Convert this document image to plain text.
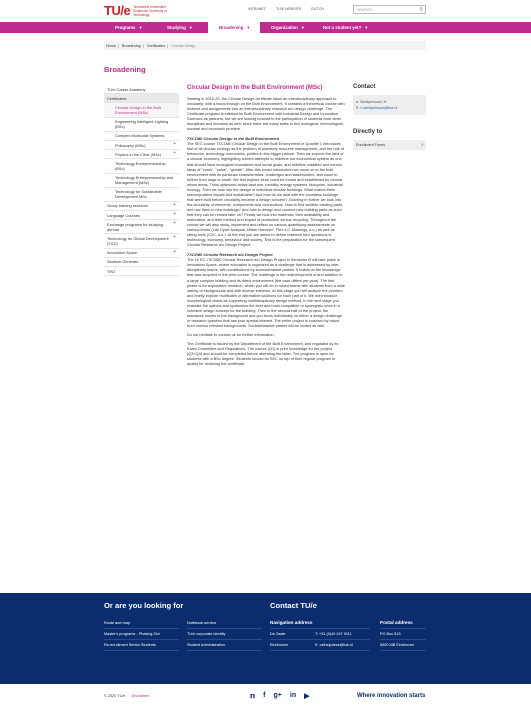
TU/e Technische Universiteit Eindhoven University of Technology
INTRANET	TU/E WEBSITE	DUTCH	SEARCH	⚲
Programs ▼	Studying ▼	Broadening ▼	Organization ▼	Not a student yet? ▼
Home | Broadening | Certificates | Circular Desig...
Broadening
TU/e Career Academy
Certificates
Circular Design in the Built Environment (MSc)
Engineering Intelligent Lighting (BSc)
Complex Molecular Systems
Philosophy (MSc)	+
Physics in the Clinic (MSc) +
Technology Entrepreneurship (BSc)
Technology Entrepreneurship and Management (MSc)
Technology for Sustainable Development MSc
Group training sessions	+
Language Courses	+
Exchange programs for studying abroad
+
Technology for Global Development (TGD)
+
Innovation Space	+
Studium Generale
TINT
Circular Design in the Built Environment (MSc)
Starting in 2015-20, the Circular Design certificate takes an interdisciplinary approach to circularity, with a focus through on the Built Environment. It contains a theoretical course with lectures and assignments and an interdisciplinary research a/o design challenge. The Certificate program is initiated by Built Environment with Industrial Design and Innovation Sciences as partners, but we are looking forward to the participation of students from other disciplines and domains as well, since there are many sides to this ecological, technological, societal and economic problem.
7XC1M0 Circular Design in the Built Environment
The SEC course 7XC1M0 Circular Design in the Built Environment in Quartile 1 introduces first of all circular ecology as the problem of planetary resource management, and the role of behaviour, technology, economics, politics in this bigger picture. Then we explore the idea of a circular economy, highlighting current attempts to redefine our economical system as one that should have ecological boundaries and social goals, and redefine outdated and narrow ideas of "costs", "value", "growth". After this broad introduction we move on to the built environment with its particular characteristics, challenges and stakeholders, and zoom in further from large to small. We first explore what could be meant and established by circular urban areas. Think optimized active land use, mobility, energy systems, biocycles, industrial ecology. Then we look into the design of individual circular buildings. What makes them low/no/positive impact and sustainable? And how do we deal with the countless buildings that were built before circularity became a design concern? Zooming in further we look into the circularity of elements, components and connections. How to find suitable existing parts and use them in new buildings? And how to design and connect new building parts as such that they can be reused later on? Finally we look into materials, their availability and restoration, and their method and impact of production versus recycling. Throughout the course we will also study, implement and reflect on various quantifying assessments on various levels (Life Cycle Analysis, Urban Harvest+, Flex 4.0, Massegy, a.o.) as well as rating tools (C2C, a.o.). At the end you are asked to define research four questions in technology, economy, behaviour and society. This is the preparation for the subsequent Circular Research a/o Design Project.
7XC2M0 Circular Research a/o Design Project
The 10 EC 7XC2M0 Circular Research a/o Design Project in Semester B will take place in Innovation Space, where education is organized as a challenge that is addressed by inter-disciplinary teams, with contributions by societal/market parties. It builds on the knowledge that was acquired in the prior course. The challenge is the redevelopment of and addition to a large complex building and its direct environment (the case differs per year). The first phase is for explorative research, which you will do in mixed teams with students from a wide variety of backgrounds and with diverse interests. At this stage you will analyze the problem and briefly explore multitudes of alternative solutions for each part of it. We will introduce morphological charts as supporting multidisciplinary design method. In the next stage you evaluate the options and synthesize the best and most compatible or synergistic ones in a cohesive design concept for the building. Then in the second half of the project, the teamwork moves to the background and you focus individually on either a design challenge or research question that has your special interest. The entire project is coached by tutors from various relevant backgrounds. Societal/market parties will be invited as well.
Do not hesitate to contact us for further information.
The Certificate is issued by the Department of the Built Environment, and regulated by its Exam Committee and Regulations. The course (Q1) is prior knowledge for the project (Q3+Q4) and should be completed before attending the latter. The program is open for students with a BSc degree. Students should do SEC on top of their regular program to qualify for receiving the certificate.
Contact
Ir. Schilpersoort, H.
E: h.schilpersoort@tue.nl
Directly to
Enrollment Forms	›
Or are you looking for
Route and map
Master's programs - Phasing Out
Re-enrollment Senior Students
Notebook service
TU/e corporate identity
Student Administration
Contact TU/e
Navigation address
De Zaale	T: +31 (0)40 247 9111
Eindhoven	E: cstheipdesk@tue.nl
Postal address
PO Box 513
5600 MB Eindhoven
© 2020 TU/e Disclaimer	𝕟 f g+ in ▶	Where innovation starts
